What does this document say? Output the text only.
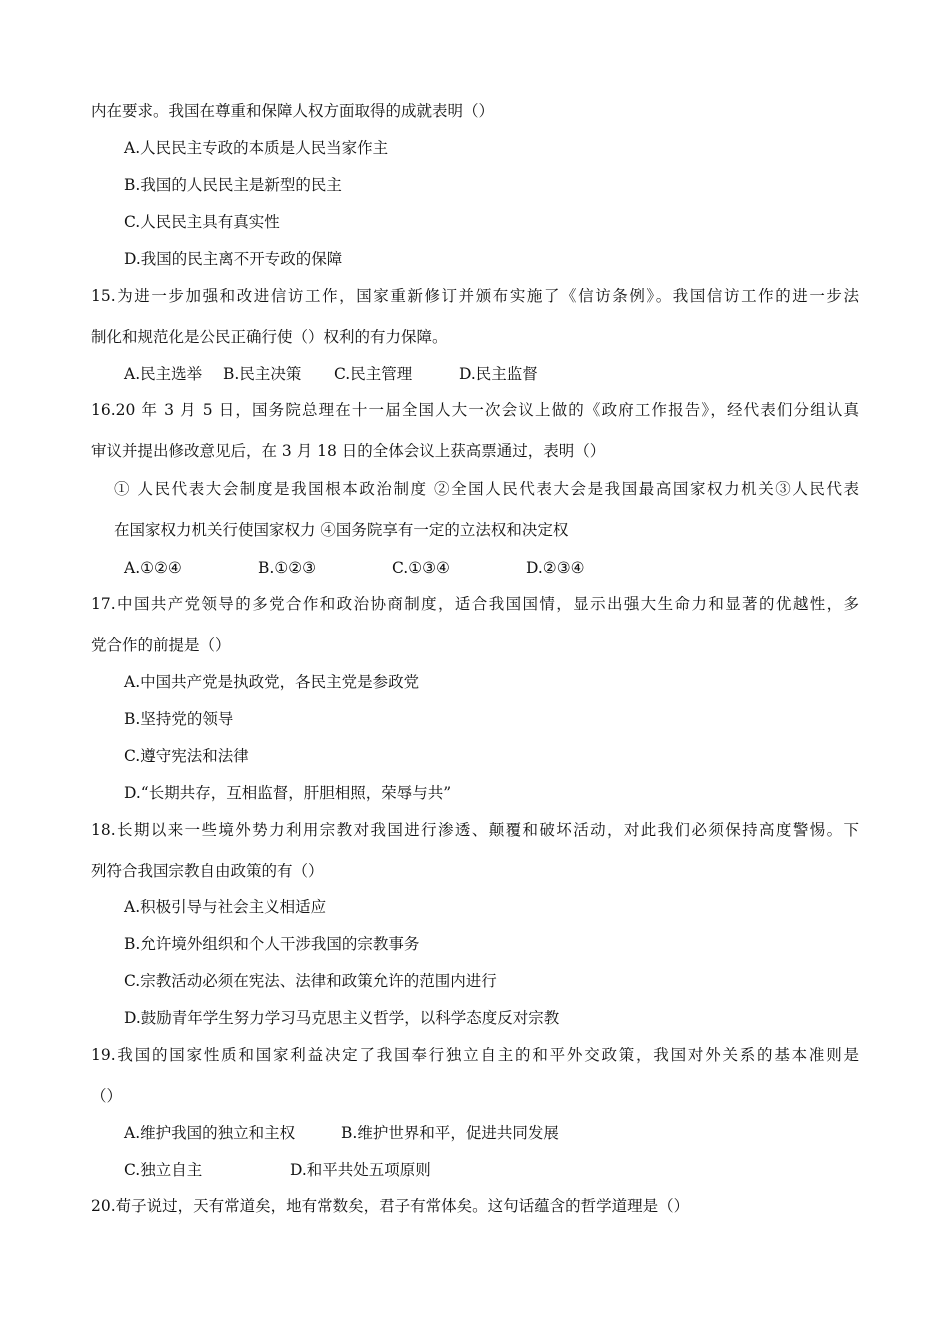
内在要求。我国在尊重和保障人权方面取得的成就表明（）
A.人民民主专政的本质是人民当家作主
B.我国的人民民主是新型的民主
C.人民民主具有真实性
D.我国的民主离不开专政的保障
15.为进一步加强和改进信访工作，国家重新修订并颁布实施了《信访条例》。我国信访工作的进一步法
制化和规范化是公民正确行使（）权利的有力保障。
A.民主选举 B.民主决策 C.民主管理	D.民主监督
16.20 年 3 月 5 日，国务院总理在十一届全国人大一次会议上做的《政府工作报告》，经代表们分组认真
审议并提出修改意见后，在 3 月 18 日的全体会议上获高票通过，表明（）
① 人民代表大会制度是我国根本政治制度 ②全国人民代表大会是我国最高国家权力机关③人民代表
在国家权力机关行使国家权力 ④国务院享有一定的立法权和决定权
A.①②④	B.①②③	C.①③④	D.②③④
17.中国共产党领导的多党合作和政治协商制度，适合我国国情，显示出强大生命力和显著的优越性，多
党合作的前提是（）
A.中国共产党是执政党，各民主党是参政党
B.坚持党的领导
C.遵守宪法和法律
D.“长期共存，互相监督，肝胆相照，荣辱与共”
18.长期以来一些境外势力利用宗教对我国进行渗透、颠覆和破坏活动，对此我们必须保持高度警惕。下
列符合我国宗教自由政策的有（）
A.积极引导与社会主义相适应
B.允许境外组织和个人干涉我国的宗教事务
C.宗教活动必须在宪法、法律和政策允许的范围内进行
D.鼓励青年学生努力学习马克思主义哲学，以科学态度反对宗教
19.我国的国家性质和国家利益决定了我国奉行独立自主的和平外交政策，我国对外关系的基本准则是
（）
A.维护我国的独立和主权	B.维护世界和平，促进共同发展
C.独立自主	D.和平共处五项原则
20.荀子说过，天有常道矣，地有常数矣，君子有常体矣。这句话蕴含的哲学道理是（）
